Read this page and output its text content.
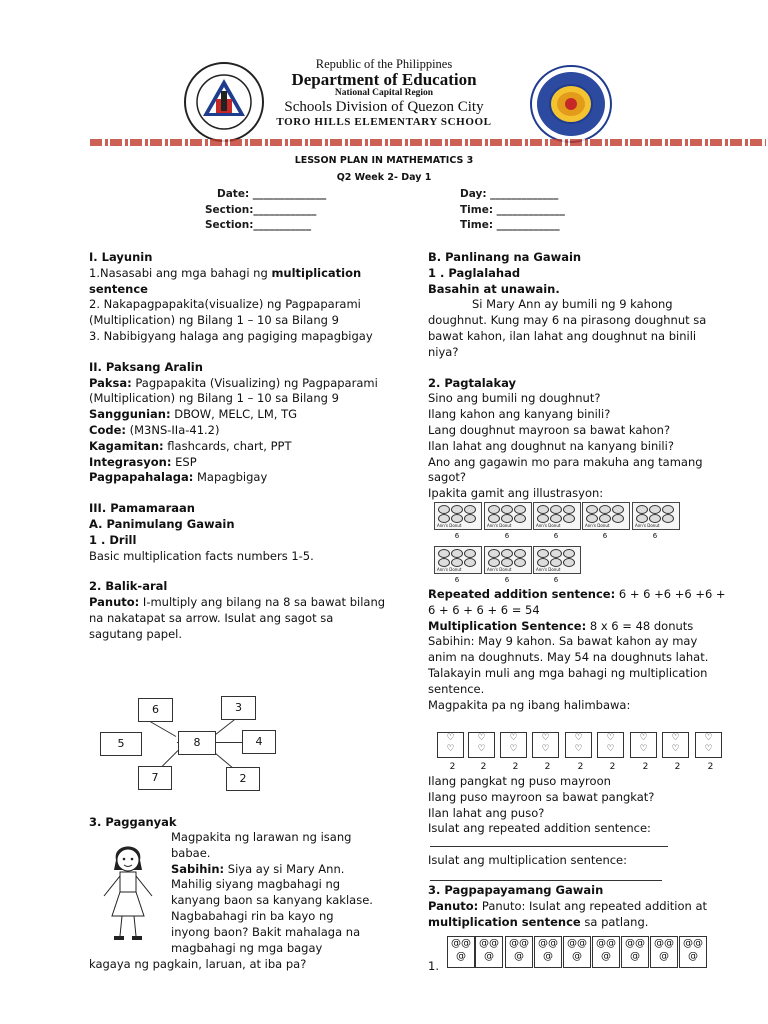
Republic of the Philippines
Department of Education
National Capital Region
Schools Division of Quezon City
TORO HILLS ELEMENTARY SCHOOL
LESSON PLAN IN MATHEMATICS 3
Q2 Week 2- Day 1
Date: ______________
Section:____________
Section:___________
Day: _____________
Time: _____________
Time: ____________

I. Layunin

1.Nasasabi ang mga bahagi ng multiplication sentence

2. Nakapagpapakita(visualize) ng Pagpaparami (Multiplication) ng Bilang 1 – 10 sa Bilang 9

3. Nabibigyang halaga ang pagiging mapagbigay

II. Paksang Aralin

Paksa: Pagpapakita (Visualizing) ng Pagpaparami (Multiplication) ng Bilang 1 – 10 sa Bilang 9

Sanggunian: DBOW, MELC, LM, TG

Code: (M3NS-IIa-41.2)

Kagamitan: flashcards, chart, PPT

Integrasyon: ESP

Pagpapahalaga: Mapagbigay

III. Pamamaraan

A. Panimulang Gawain

1 . Drill

Basic multiplication facts numbers 1-5.

2. Balik-aral

Panuto: I-multiply ang bilang na 8 sa bawat bilang na nakatapat sa arrow. Isulat ang sagot sa sagutang papel.

6	3
5	8	4
7	2
3. Pagganyak

Magpakita ng larawan ng isang babae.

Sabihin: Siya ay si Mary Ann. Mahilig siyang magbahagi ng kanyang baon sa kanyang kaklase. Nagbabahagi rin ba kayo ng inyong baon? Bakit mahalaga na magbahagi ng mga bagay

kagaya ng pagkain, laruan, at iba pa?

B. Panlinang na Gawain

1 . Paglalahad

Basahin at unawain.

Si Mary Ann ay bumili ng 9 kahong doughnut. Kung may 6 na pirasong doughnut sa bawat kahon, ilan lahat ang doughnut na binili niya?

2. Pagtalakay

Sino ang bumili ng doughnut?

Ilang kahon ang kanyang binili?

Lang doughnut mayroon sa bawat kahon?

Ilan lahat ang doughnut na kanyang binili?

Ano ang gagawin mo para makuha ang tamang sagot?

Ipakita gamit ang illustrasyon:

Ann's Donut	Ann's Donut	Ann's Donut	Ann's Donut	Ann's Donut
6	6	6	6	6
Ann's Donut	Ann's Donut	Ann's Donut
6	6	6

Repeated addition sentence: 6 + 6 +6 +6 +6 + 6 + 6 + 6 + 6 = 54

Multiplication Sentence: 8 x 6 = 48 donuts

Sabihin: May 9 kahon. Sa bawat kahon ay may anim na doughnuts. May 54 na doughnuts lahat.

Talakayin muli ang mga bahagi ng multiplication sentence.

Magpakita pa ng ibang halimbawa:

♡
♡
♡
♡
♡
♡
♡
♡
♡
♡
♡
♡
♡
♡
♡
♡
♡
♡
2	2	2	2	2	2	2	2	2

Ilang pangkat ng puso mayroon

Ilang puso mayroon sa bawat pangkat?

Ilan lahat ang puso?

Isulat ang repeated addition sentence:

Isulat ang multiplication sentence:

3. Pagpapayamang Gawain

Panuto: Panuto: Isulat ang repeated addition at multiplication sentence sa patlang.

1.
@@
@
@@
@
@@
@
@@
@
@@
@
@@
@
@@
@
@@
@
@@
@
